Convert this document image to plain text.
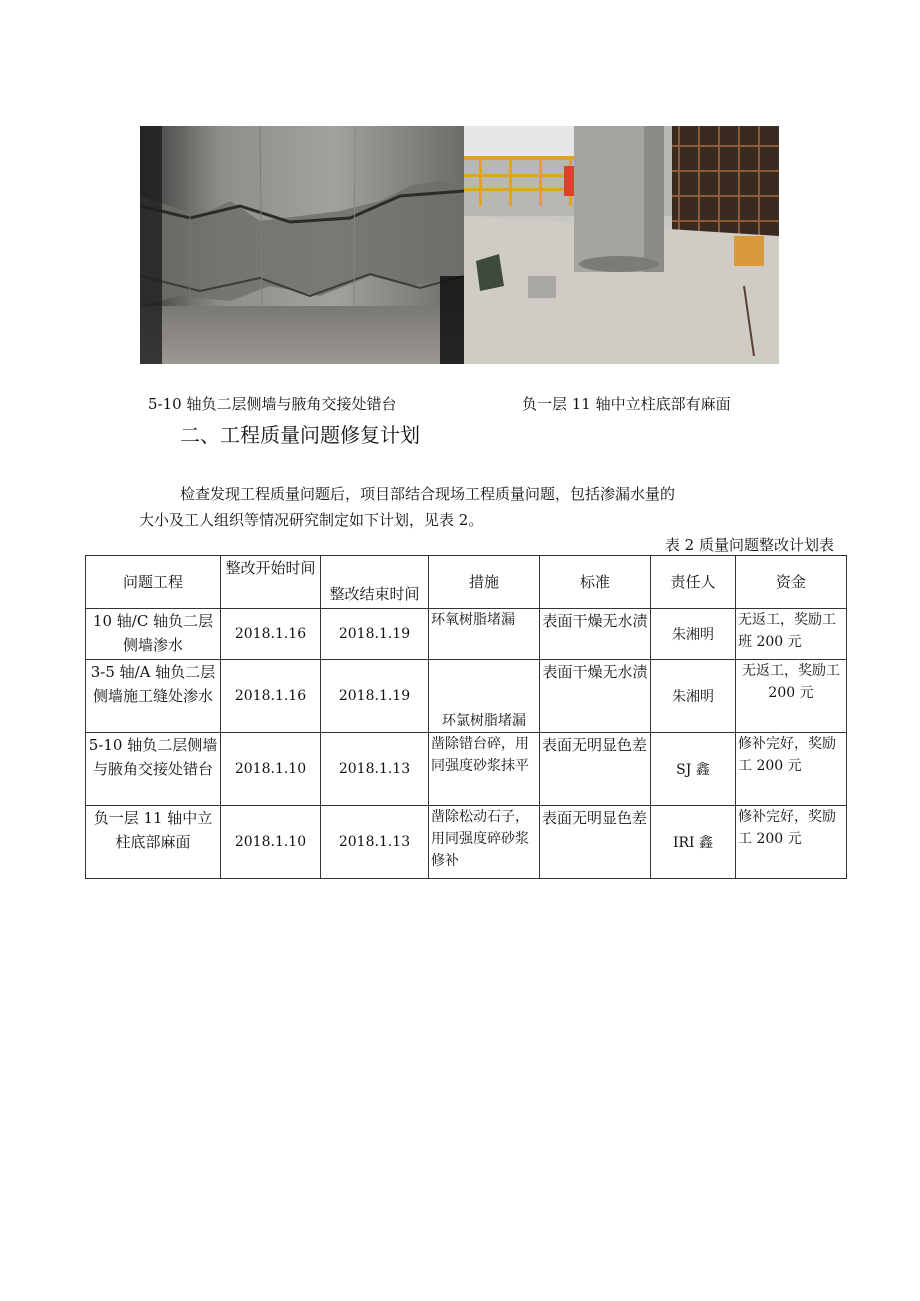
5-10 轴负二层侧墙与腋角交接处错台	负一层 11 轴中立柱底部有麻面
二、工程质量问题修复计划
检查发现工程质量问题后，项目部结合现场工程质量问题，包括渗漏水量的
大小及工人组织等情况研究制定如下计划，见表 2。
表 2 质量问题整改计划表
问题工程	整改开始时间	整改结束时间	措施	标准	责任人	资金
10 轴/C 轴负二层侧墙渗水	2018.1.16	2018.1.19	环氧树脂堵漏	表面干燥无水渍	朱湘明	无返工，奖励工班 200 元
3-5 轴/A 轴负二层侧墙施工缝处渗水	2018.1.16	2018.1.19	环氯树脂堵漏	表面干燥无水渍	朱湘明	无返工，奖励工 200 元
5-10 轴负二层侧墙与腋角交接处错台	2018.1.10	2018.1.13	凿除错台碎，用同强度砂浆抹平	表面无明显色差	SJ 鑫	修补完好，奖励工 200 元
负一层 11 轴中立柱底部麻面	2018.1.10	2018.1.13	凿除松动石子，用同强度碎砂浆修补	表面无明显色差	IRI 鑫	修补完好，奖励工 200 元
